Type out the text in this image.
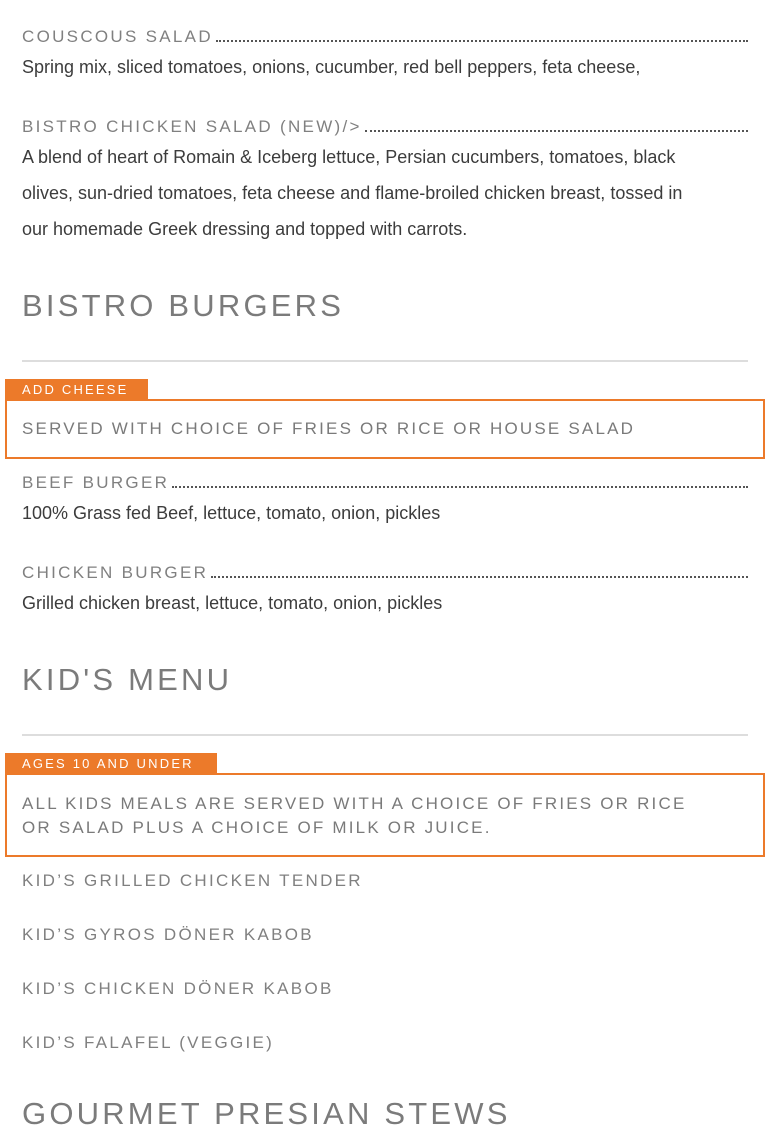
COUSCOUS SALAD
Spring mix, sliced tomatoes, onions, cucumber, red bell peppers, feta cheese,
BISTRO CHICKEN SALAD (NEW)/>
A blend of heart of Romain & Iceberg lettuce, Persian cucumbers, tomatoes, black
olives, sun-dried tomatoes, feta cheese and flame-broiled chicken breast, tossed in
our homemade Greek dressing and topped with carrots.
BISTRO BURGERS
ADD CHEESE
SERVED WITH CHOICE OF FRIES OR RICE OR HOUSE SALAD
BEEF BURGER
100% Grass fed Beef, lettuce, tomato, onion, pickles
CHICKEN BURGER
Grilled chicken breast, lettuce, tomato, onion, pickles
KID'S MENU
AGES 10 AND UNDER
ALL KIDS MEALS ARE SERVED WITH A CHOICE OF FRIES OR RICE
OR SALAD PLUS A CHOICE OF MILK OR JUICE.
KID’S GRILLED CHICKEN TENDER
KID’S GYROS DÖNER KABOB
KID’S CHICKEN DÖNER KABOB
KID’S FALAFEL (VEGGIE)
GOURMET PRESIAN STEWS
